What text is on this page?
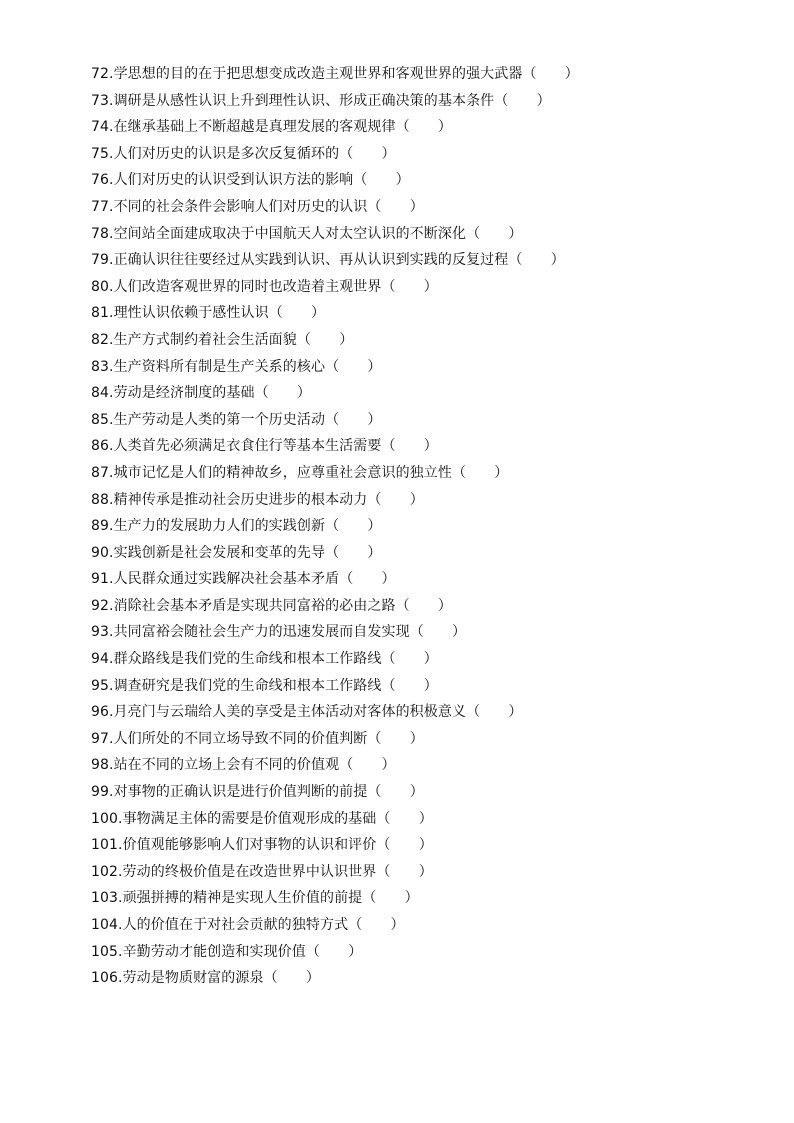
72.学思想的目的在于把思想变成改造主观世界和客观世界的强大武器（　　）
73.调研是从感性认识上升到理性认识、形成正确决策的基本条件（　　）
74.在继承基础上不断超越是真理发展的客观规律（　　）
75.人们对历史的认识是多次反复循环的（　　）
76.人们对历史的认识受到认识方法的影响（　　）
77.不同的社会条件会影响人们对历史的认识（　　）
78.空间站全面建成取决于中国航天人对太空认识的不断深化（　　）
79.正确认识往往要经过从实践到认识、再从认识到实践的反复过程（　　）
80.人们改造客观世界的同时也改造着主观世界（　　）
81.理性认识依赖于感性认识（　　）
82.生产方式制约着社会生活面貌（　　）
83.生产资料所有制是生产关系的核心（　　）
84.劳动是经济制度的基础（　　）
85.生产劳动是人类的第一个历史活动（　　）
86.人类首先必须满足衣食住行等基本生活需要（　　）
87.城市记忆是人们的精神故乡，应尊重社会意识的独立性（　　）
88.精神传承是推动社会历史进步的根本动力（　　）
89.生产力的发展助力人们的实践创新（　　）
90.实践创新是社会发展和变革的先导（　　）
91.人民群众通过实践解决社会基本矛盾（　　）
92.消除社会基本矛盾是实现共同富裕的必由之路（　　）
93.共同富裕会随社会生产力的迅速发展而自发实现（　　）
94.群众路线是我们党的生命线和根本工作路线（　　）
95.调查研究是我们党的生命线和根本工作路线（　　）
96.月亮门与云瑞给人美的享受是主体活动对客体的积极意义（　　）
97.人们所处的不同立场导致不同的价值判断（　　）
98.站在不同的立场上会有不同的价值观（　　）
99.对事物的正确认识是进行价值判断的前提（　　）
100.事物满足主体的需要是价值观形成的基础（　　）
101.价值观能够影响人们对事物的认识和评价（　　）
102.劳动的终极价值是在改造世界中认识世界（　　）
103.顽强拼搏的精神是实现人生价值的前提（　　）
104.人的价值在于对社会贡献的独特方式（　　）
105.辛勤劳动才能创造和实现价值（　　）
106.劳动是物质财富的源泉（　　）
